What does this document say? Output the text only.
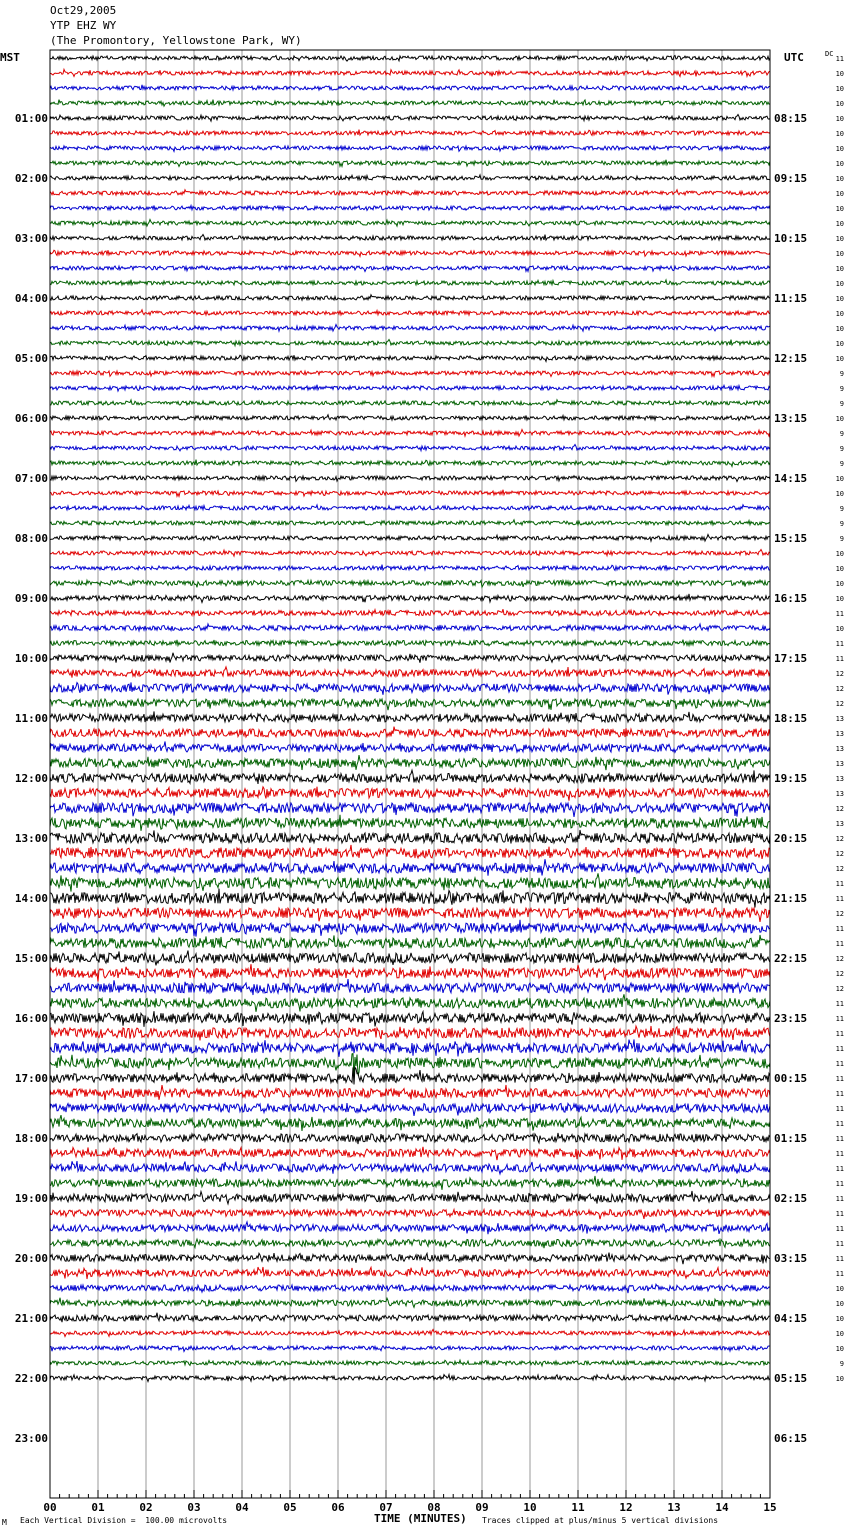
Oct29,2005
YTP EHZ WY
(The Promontory, Yellowstone Park, WY)
00	01	02	03	04	05	06	07	08	09	10	11	12	13	14	15
11
10
10
10
10
10
10
10
10
10
10
10
10
10
10
10
10
10
10
10
10
9
9
9
10
9
9
9
10
10
9
9
9
10
10
10
10
11
10
11
11
12
12
12
13
13
13
13
13
13
12
13
12
12
12
11
11
12
11
11
12
12
12
11
11
11
11
11
11
11
11
11
11
11
11
11
11
11
11
11
11
11
10
10
10
10
10
9
10
01:00
02:00
03:00
04:00
05:00
06:00
07:00
08:00
09:00
10:00
11:00
12:00
13:00
14:00
15:00
16:00
17:00
18:00
19:00
20:00
21:00
22:00
23:00
08:15
09:15
10:15
11:15
12:15
13:15
14:15
15:15
16:15
17:15
18:15
19:15
20:15
21:15
22:15
23:15
00:15
01:15
02:15
03:15
04:15
05:15
06:15
MST	UTC	DC
M Each Vertical Division =  100.00 microvolts	TIME (MINUTES) Traces clipped at plus/minus 5 vertical divisions
